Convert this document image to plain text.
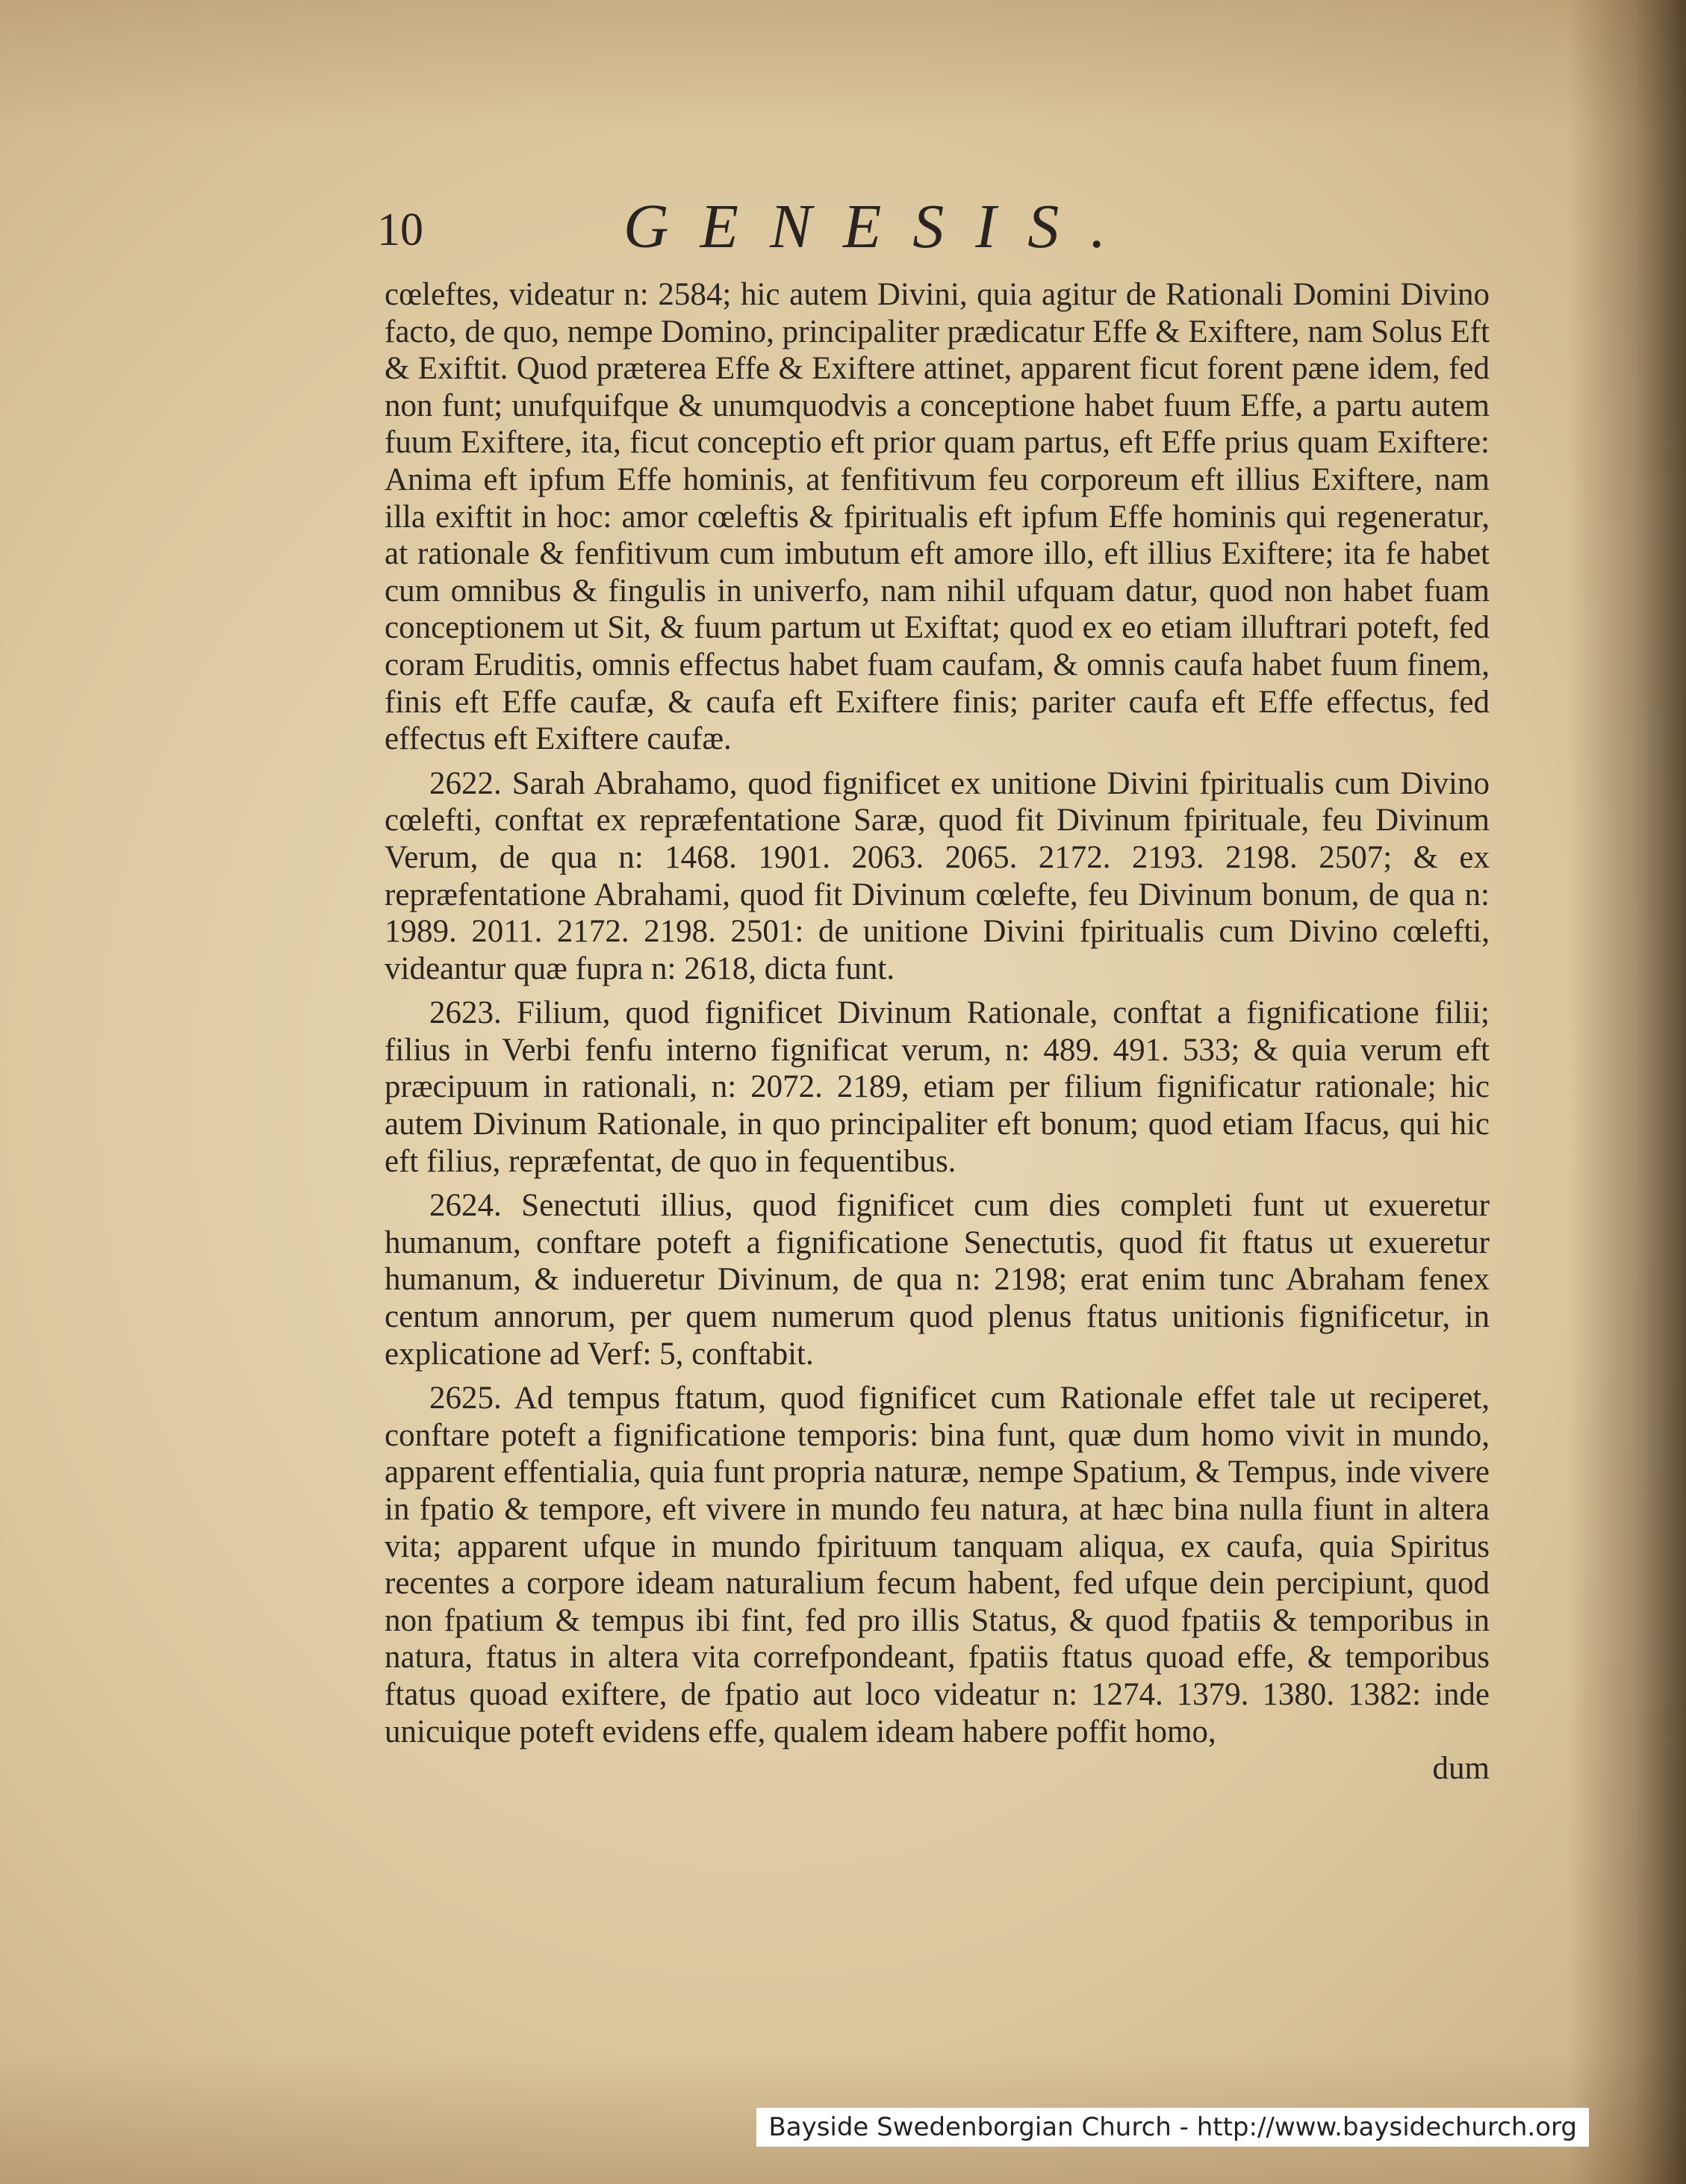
10	GENESIS.

cœleftes, videatur n: 2584; hic autem Divini, quia agitur de Rationali Domini Divino facto, de quo, nempe Domino, principaliter prædicatur Effe & Exiftere, nam Solus Eft & Exiftit. Quod præterea Effe & Exiftere attinet, apparent ficut forent pæne idem, fed non funt; unufquifque & unumquodvis a conceptione habet fuum Effe, a partu autem fuum Exiftere, ita, ficut conceptio eft prior quam partus, eft Effe prius quam Exiftere: Anima eft ipfum Effe hominis, at fenfitivum feu corporeum eft illius Exiftere, nam illa exiftit in hoc: amor cœleftis & fpiritualis eft ipfum Effe hominis qui regeneratur, at rationale & fenfitivum cum imbutum eft amore illo, eft illius Exiftere; ita fe habet cum omnibus & fingulis in univerfo, nam nihil ufquam datur, quod non habet fuam conceptionem ut Sit, & fuum partum ut Exiftat; quod ex eo etiam illuftrari poteft, fed coram Eruditis, omnis effectus habet fuam caufam, & omnis caufa habet fuum finem, finis eft Effe caufæ, & caufa eft Exiftere finis; pariter caufa eft Effe effectus, fed effectus eft Exiftere caufæ.

2622. Sarah Abrahamo, quod fignificet ex unitione Divini fpiritualis cum Divino cœlefti, conftat ex repræfentatione Saræ, quod fit Divinum fpirituale, feu Divinum Verum, de qua n: 1468. 1901. 2063. 2065. 2172. 2193. 2198. 2507; & ex repræfentatione Abrahami, quod fit Divinum cœlefte, feu Divinum bonum, de qua n: 1989. 2011. 2172. 2198. 2501: de unitione Divini fpiritualis cum Divino cœlefti, videantur quæ fupra n: 2618, dicta funt.

2623. Filium, quod fignificet Divinum Rationale, conftat a fignificatione filii; filius in Verbi fenfu interno fignificat verum, n: 489. 491. 533; & quia verum eft præcipuum in rationali, n: 2072. 2189, etiam per filium fignificatur rationale; hic autem Divinum Rationale, in quo principaliter eft bonum; quod etiam Ifacus, qui hic eft filius, repræfentat, de quo in fequentibus.

2624. Senectuti illius, quod fignificet cum dies completi funt ut exueretur humanum, conftare poteft a fignificatione Senectutis, quod fit ftatus ut exueretur humanum, & indueretur Divinum, de qua n: 2198; erat enim tunc Abraham fenex centum annorum, per quem numerum quod plenus ftatus unitionis fignificetur, in explicatione ad Verf: 5, conftabit.

2625. Ad tempus ftatum, quod fignificet cum Rationale effet tale ut reciperet, conftare poteft a fignificatione temporis: bina funt, quæ dum homo vivit in mundo, apparent effentialia, quia funt propria naturæ, nempe Spatium, & Tempus, inde vivere in fpatio & tempore, eft vivere in mundo feu natura, at hæc bina nulla fiunt in altera vita; apparent ufque in mundo fpirituum tanquam aliqua, ex caufa, quia Spiritus recentes a corpore ideam naturalium fecum habent, fed ufque dein percipiunt, quod non fpatium & tempus ibi fint, fed pro illis Status, & quod fpatiis & temporibus in natura, ftatus in altera vita correfpondeant, fpatiis ftatus quoad effe, & temporibus ftatus quoad exiftere, de fpatio aut loco videatur n: 1274. 1379. 1380. 1382: inde unicuique poteft evidens effe, qualem ideam habere poffit homo,

dum

Bayside Swedenborgian Church - http://www.baysidechurch.org
